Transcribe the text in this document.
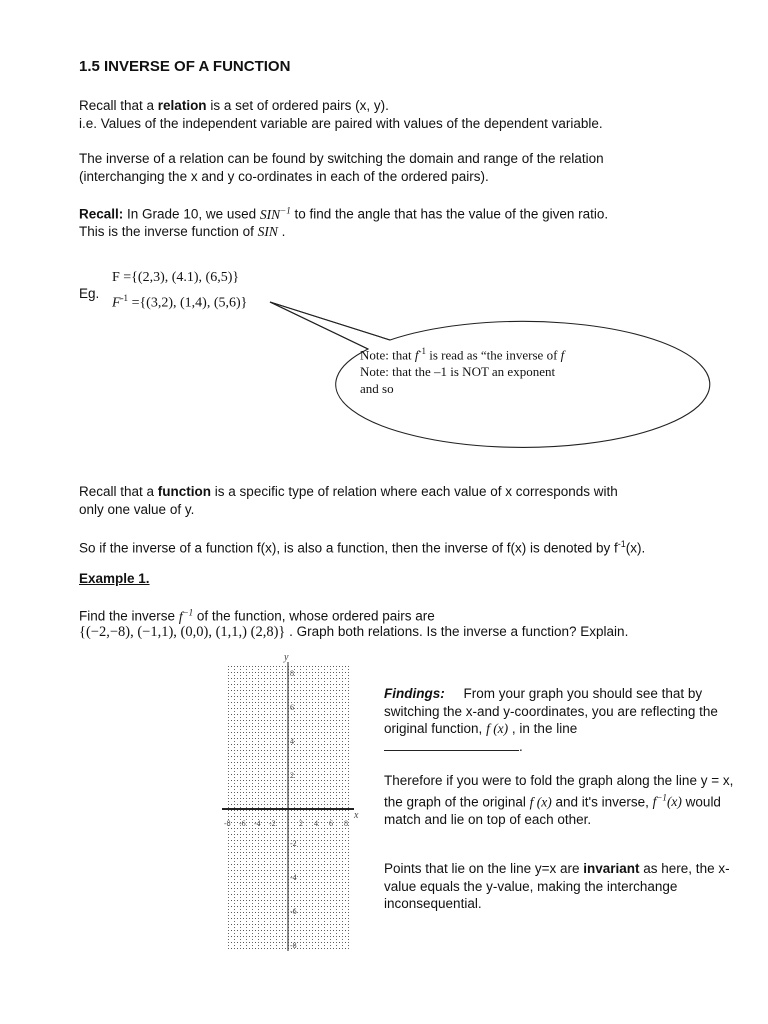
1.5 INVERSE OF A FUNCTION

Recall that a relation is a set of ordered pairs (x, y).
i.e. Values of the independent variable are paired with values of the dependent variable.

The inverse of a relation can be found by switching the domain and range of the relation
(interchanging the x and y co-ordinates in each of the ordered pairs).

Recall: In Grade 10, we used $SIN^{-1}$ to find the angle that has the value of the given ratio.
This is the inverse function of SIN .

Eg.
F ={(2,3), (4.1), (6,5)}
$F^{-1} =\{(3,2)$, (1,4), (5,6)}
Note: that $f^{-1}$ is read as “the inverse of f
Note: that the –1 is NOT an exponent
and so

Recall that a function is a specific type of relation where each value of x corresponds with
only one value of y.

So if the inverse of a function f(x), is also a function, then the inverse of f(x) is denoted by $f^{-1}(x)$.

Example 1.

Find the inverse $f^{-1}$ of the function, whose ordered pairs are

{(−2,−8), (−1,1), (0,0), (1,1,) (2,8)} . Graph both relations. Is the inverse a function? Explain.

y
x
-8 -6 -4 -2	2 4 6 8
8
6
4
2
-2
-4
-6
-8
Findings: From your graph you should see that by switching the x-and y-coordinates, you are reflecting the original function, f (x) , in the line
.
Therefore if you were to fold the graph along the line y = x, the graph of the original f (x) and it's inverse, $f^{-1}(x)$ would match and lie on top of each other.
Points that lie on the line y=x are invariant as here, the x-value equals the y-value, making the interchange inconsequential.
